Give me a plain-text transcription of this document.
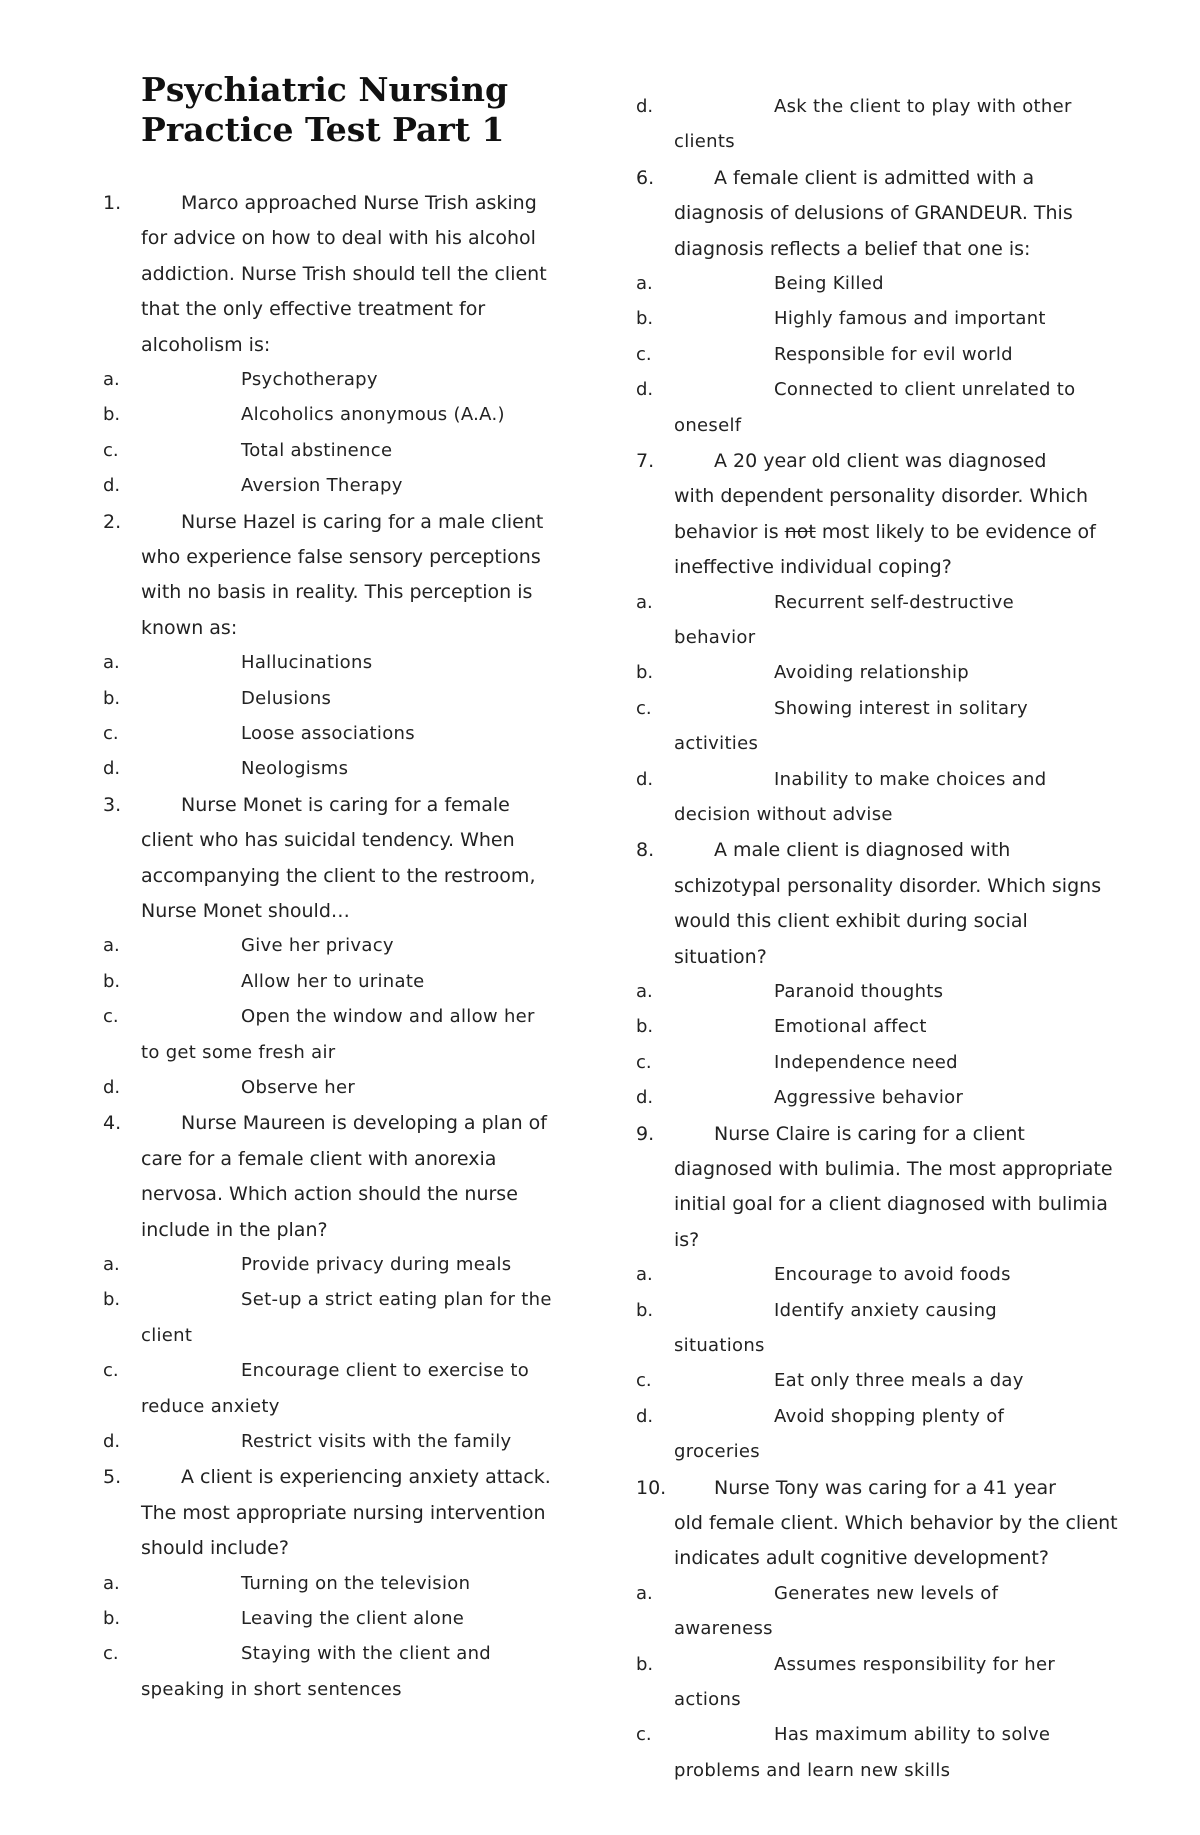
Psychiatric Nursing
Practice Test Part 1
1.	Marco approached Nurse Trish asking
for advice on how to deal with his alcohol
addiction. Nurse Trish should tell the client
that the only effective treatment for
alcoholism is:
a.	Psychotherapy
b.	Alcoholics anonymous (A.A.)
c.	Total abstinence
d.	Aversion Therapy
2.	Nurse Hazel is caring for a male client
who experience false sensory perceptions
with no basis in reality. This perception is
known as:
a.	Hallucinations
b.	Delusions
c.	Loose associations
d.	Neologisms
3.	Nurse Monet is caring for a female
client who has suicidal tendency. When
accompanying the client to the restroom,
Nurse Monet should…
a.	Give her privacy
b.	Allow her to urinate
c.	Open the window and allow her
to get some fresh air
d.	Observe her
4.	Nurse Maureen is developing a plan of
care for a female client with anorexia
nervosa. Which action should the nurse
include in the plan?
a.	Provide privacy during meals
b.	Set-up a strict eating plan for the
client
c.	Encourage client to exercise to
reduce anxiety
d.	Restrict visits with the family
5.	A client is experiencing anxiety attack.
The most appropriate nursing intervention
should include?
a.	Turning on the television
b.	Leaving the client alone
c.	Staying with the client and
speaking in short sentences
d.	Ask the client to play with other
clients
6.	A female client is admitted with a
diagnosis of delusions of GRANDEUR. This
diagnosis reflects a belief that one is:
a.	Being Killed
b.	Highly famous and important
c.	Responsible for evil world
d.	Connected to client unrelated to
oneself
7.	A 20 year old client was diagnosed
with dependent personality disorder. Which
behavior is not most likely to be evidence of
ineffective individual coping?
a.	Recurrent self-destructive
behavior
b.	Avoiding relationship
c.	Showing interest in solitary
activities
d.	Inability to make choices and
decision without advise
8.	A male client is diagnosed with
schizotypal personality disorder. Which signs
would this client exhibit during social
situation?
a.	Paranoid thoughts
b.	Emotional affect
c.	Independence need
d.	Aggressive behavior
9.	Nurse Claire is caring for a client
diagnosed with bulimia. The most appropriate
initial goal for a client diagnosed with bulimia
is?
a.	Encourage to avoid foods
b.	Identify anxiety causing
situations
c.	Eat only three meals a day
d.	Avoid shopping plenty of
groceries
10.	Nurse Tony was caring for a 41 year
old female client. Which behavior by the client
indicates adult cognitive development?
a.	Generates new levels of
awareness
b.	Assumes responsibility for her
actions
c.	Has maximum ability to solve
problems and learn new skills
